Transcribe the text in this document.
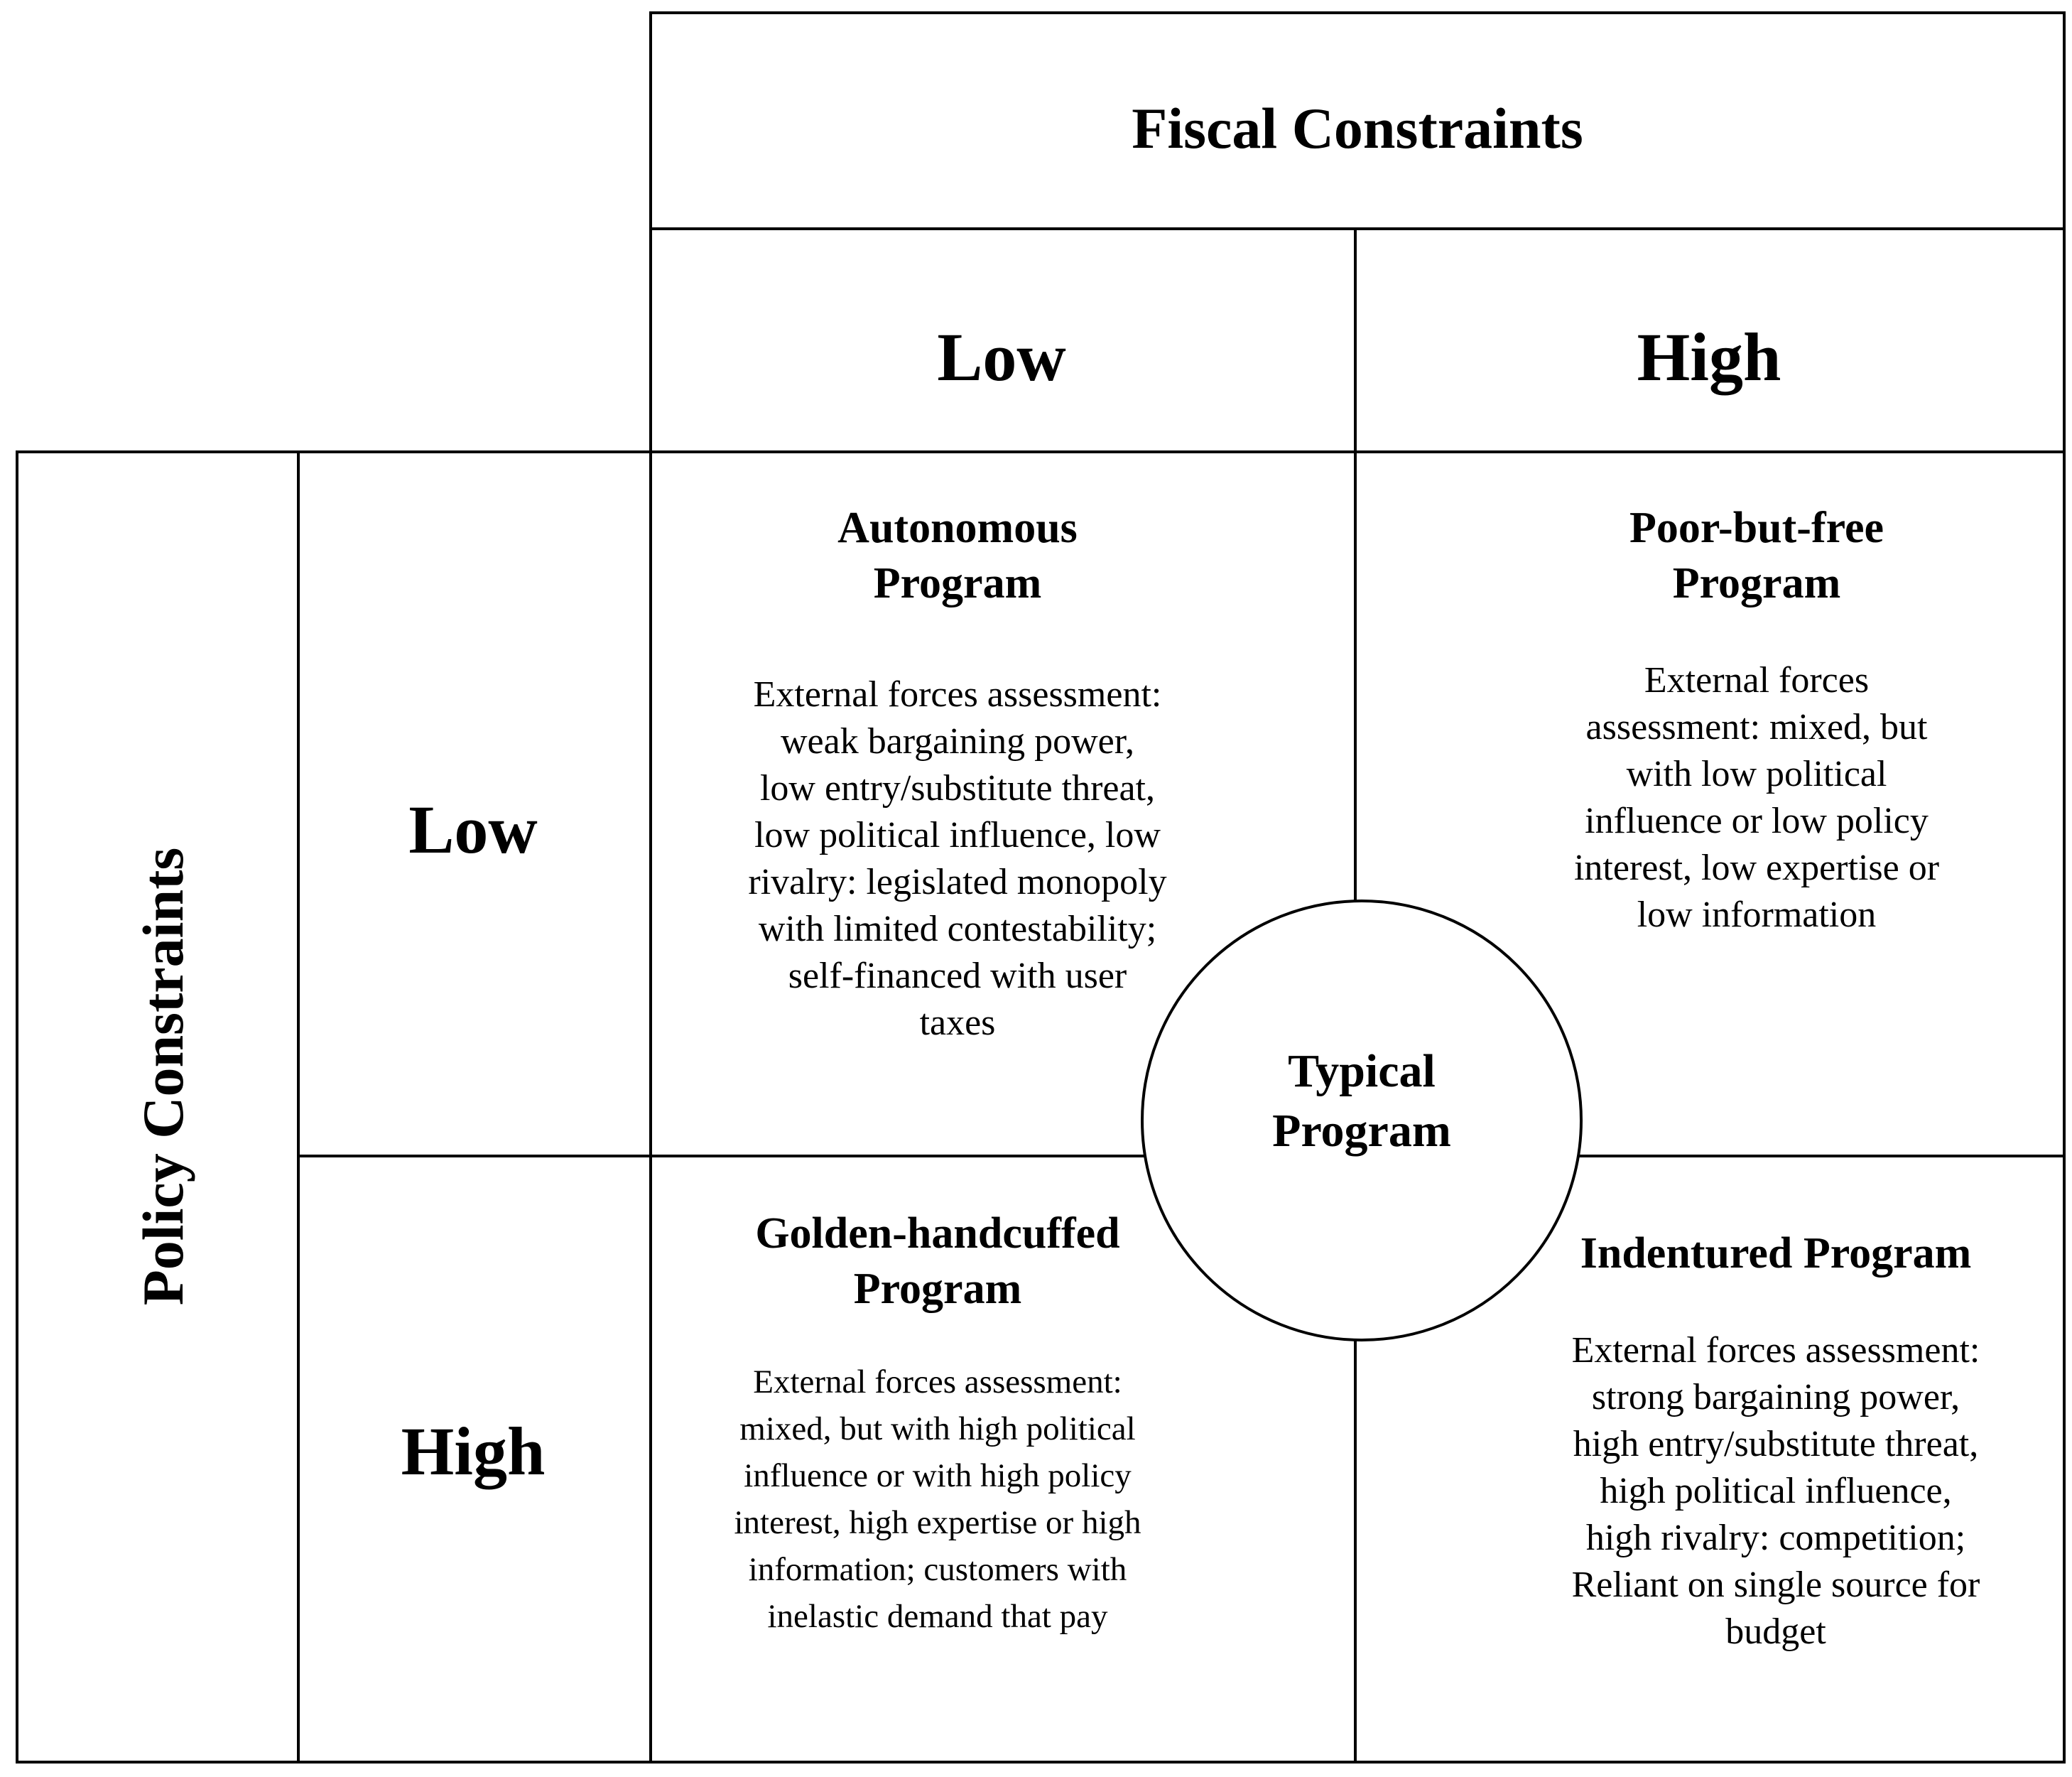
Fiscal Constraints
Low	High
Policy Constraints
Low
High
Autonomous
Program
External forces assessment:
weak bargaining power,
low entry/substitute threat,
low political influence, low
rivalry: legislated monopoly
with limited contestability;
self-financed with user
taxes
Poor-but-free
Program
External forces
assessment: mixed, but
with low political
influence or low policy
interest, low expertise or
low information
Golden-handcuffed
Program
External forces assessment:
mixed, but with high political
influence or with high policy
interest, high expertise or high
information; customers with
inelastic demand that pay
Indentured Program
External forces assessment:
strong bargaining power,
high entry/substitute threat,
high political influence,
high rivalry: competition;
Reliant on single source for
budget
Typical
Program
